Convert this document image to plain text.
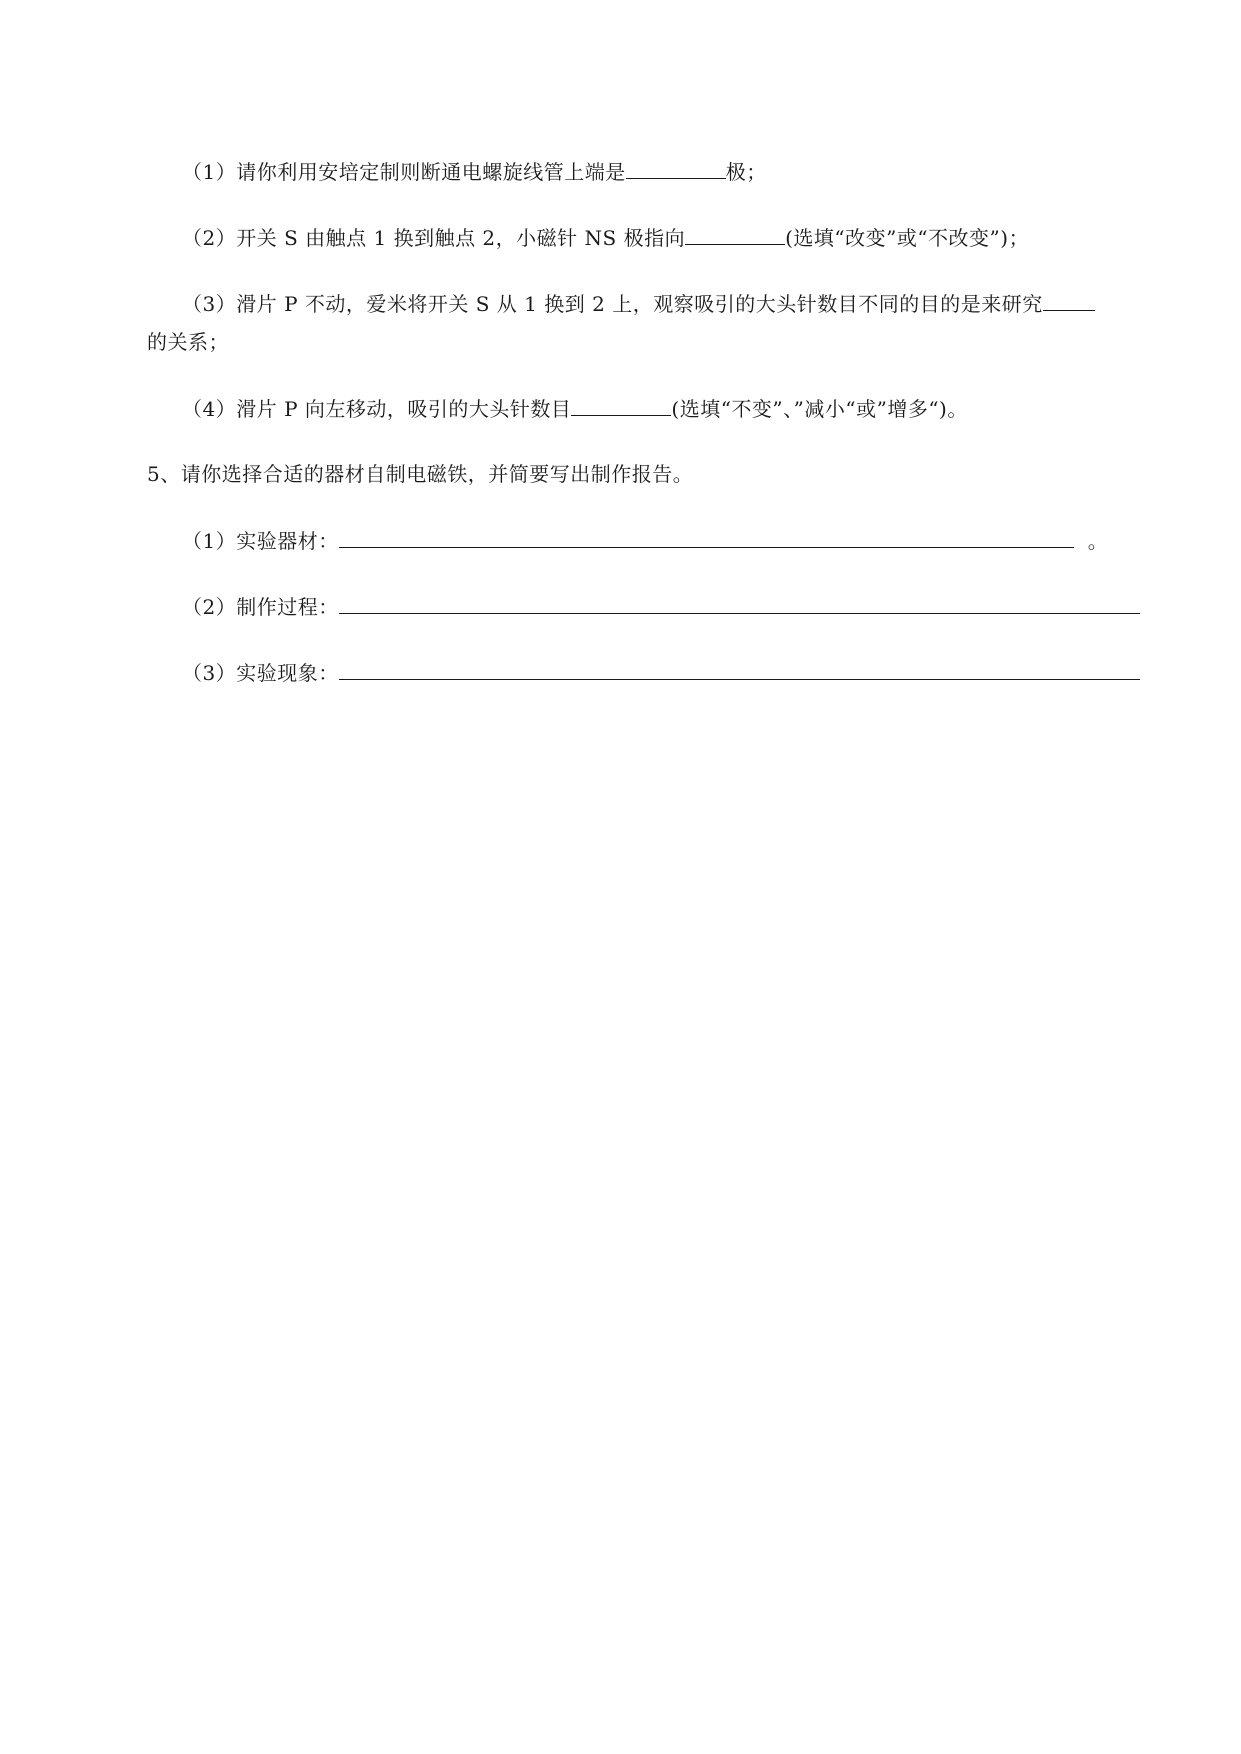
（1）请你利用安培定制则断通电螺旋线管上端是	极；
（2）开关 S 由触点 1 换到触点 2，小磁针 NS 极指向	(选填“改变”或“不改变”)；
（3）滑片 P 不动，爱米将开关 S 从 1 换到 2 上，观察吸引的大头针数目不同的目的是来研究
的关系；
（4）滑片 P 向左移动，吸引的大头针数目	(选填“不变”、”减小“或”增多“)。
5、请你选择合适的器材自制电磁铁，并简要写出制作报告。
（1）实验器材：	。
（2）制作过程：
（3）实验现象：
